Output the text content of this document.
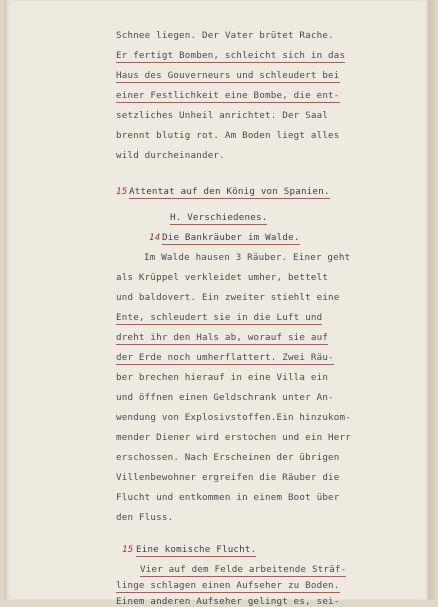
Schnee liegen. Der Vater brütet Rache.
Er fertigt Bomben, schleicht sich in das
Haus des Gouverneurs und schleudert bei
einer Festlichkeit eine Bombe, die ent-
setzliches Unheil anrichtet. Der Saal
brennt blutig rot. Am Boden liegt alles
wild durcheinander.
15 Attentat auf den König von Spanien.
H. Verschiedenes.
14 Die Bankräuber im Walde.
Im Walde hausen 3 Räuber. Einer geht
als Krüppel verkleidet umher, bettelt
und baldovert. Ein zweiter stiehlt eine
Ente, schleudert sie in die Luft und
dreht ihr den Hals ab, worauf sie auf
der Erde noch umherflattert. Zwei Räu-
ber brechen hierauf in eine Villa ein
und öffnen einen Geldschrank unter An-
wendung von Explosivstoffen.Ein hinzukom-
mender Diener wird erstochen und ein Herr
erschossen. Nach Erscheinen der übrigen
Villenbewohner ergreifen die Räuber die
Flucht und entkommen in einem Boot über
den Fluss.
15 Eine komische Flucht.
Vier auf dem Felde arbeitende Sträf-
linge schlagen einen Aufseher zu Boden.
Einem anderen Aufseher gelingt es, sei-
